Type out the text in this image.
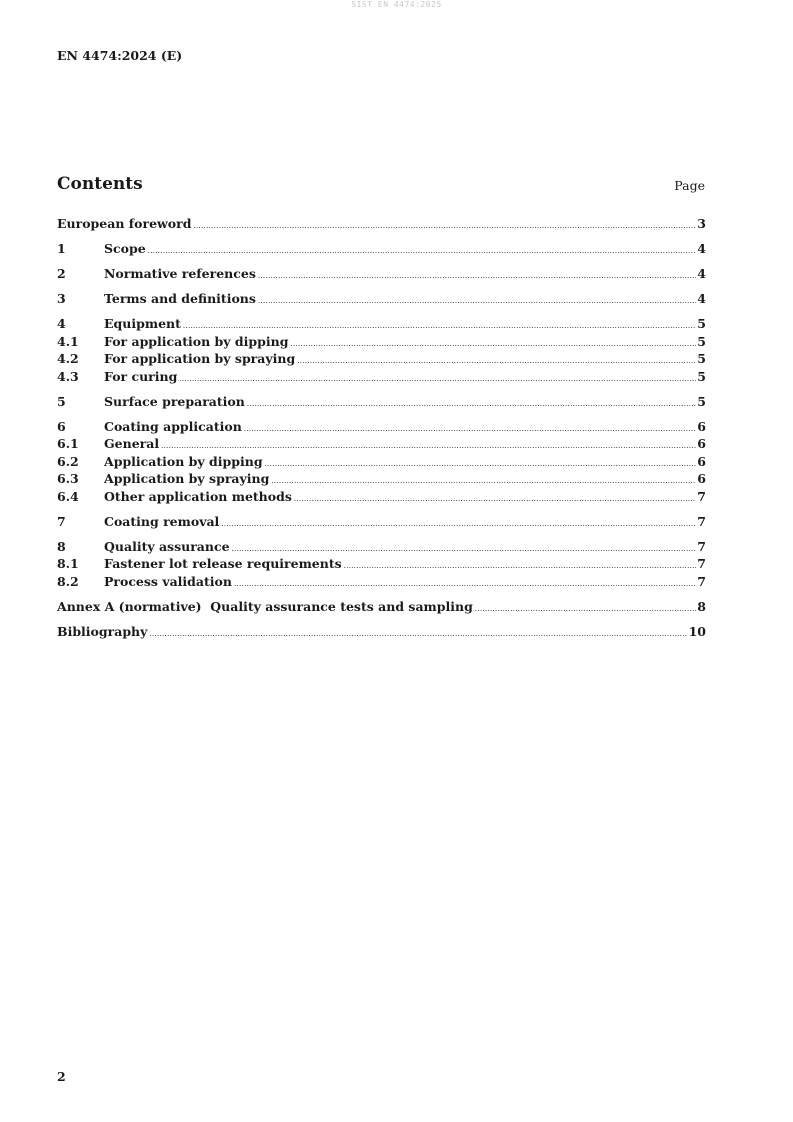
SIST EN 4474:2025
EN 4474:2024 (E)
Contents	Page
European foreword .....	3
1	Scope .....	4
2	Normative references .....	4
3	Terms and definitions .....	4
4	Equipment .....	5
4.1	For application by dipping .....	5
4.2	For application by spraying .....	5
4.3	For curing .....	5
5	Surface preparation .....	5
6	Coating application .....	6
6.1	General .....	6
6.2	Application by dipping .....	6
6.3	Application by spraying .....	6
6.4	Other application methods .....	7
7	Coating removal .....	7
8	Quality assurance .....	7
8.1	Fastener lot release requirements .....	7
8.2	Process validation .....	7
Annex A (normative)  Quality assurance tests and sampling .....	8
Bibliography .....	10
2
